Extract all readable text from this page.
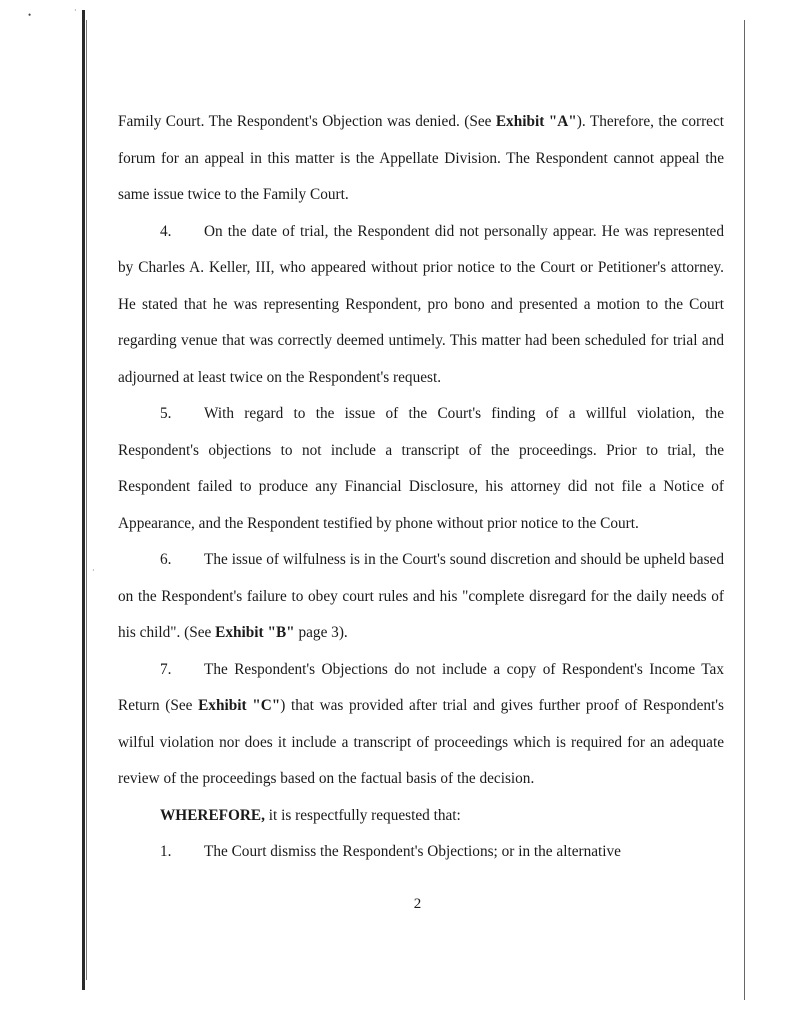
•	·
·

Family Court. The Respondent's Objection was denied. (See Exhibit "A"). Therefore, the correct forum for an appeal in this matter is the Appellate Division. The Respondent cannot appeal the same issue twice to the Family Court.

4. On the date of trial, the Respondent did not personally appear. He was represented by Charles A. Keller, III, who appeared without prior notice to the Court or Petitioner's attorney. He stated that he was representing Respondent, pro bono and presented a motion to the Court regarding venue that was correctly deemed untimely. This matter had been scheduled for trial and adjourned at least twice on the Respondent's request.

5. With regard to the issue of the Court's finding of a willful violation, the Respondent's objections to not include a transcript of the proceedings. Prior to trial, the Respondent failed to produce any Financial Disclosure, his attorney did not file a Notice of Appearance, and the Respondent testified by phone without prior notice to the Court.

6. The issue of wilfulness is in the Court's sound discretion and should be upheld based on the Respondent's failure to obey court rules and his "complete disregard for the daily needs of his child". (See Exhibit "B" page 3).

7. The Respondent's Objections do not include a copy of Respondent's Income Tax Return (See Exhibit "C") that was provided after trial and gives further proof of Respondent's wilful violation nor does it include a transcript of proceedings which is required for an adequate review of the proceedings based on the factual basis of the decision.

WHEREFORE, it is respectfully requested that:

1. The Court dismiss the Respondent's Objections; or in the alternative

2
